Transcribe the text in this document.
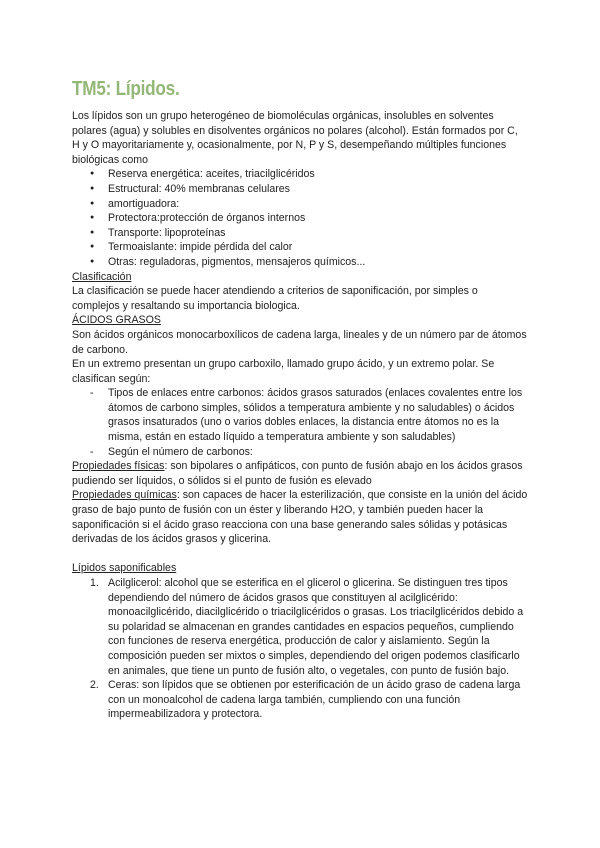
TM5: Lípidos.

Los lípidos son un grupo heterogéneo de biomoléculas orgánicas, insolubles en solventes polares (agua) y solubles en disolventes orgánicos no polares (alcohol). Están formados por C, H y O mayoritariamente y, ocasionalmente, por N, P y S, desempeñando múltiples funciones biológicas como

● Reserva energética: aceites, triacilglicéridos
● Estructural: 40% membranas celulares
● amortiguadora:
● Protectora:protección de órganos internos
● Transporte: lipoproteínas
● Termoaislante: impide pérdida del calor
● Otras: reguladoras, pigmentos, mensajeros químicos...

Clasificación

La clasificación se puede hacer atendiendo a criterios de saponificación, por simples o complejos y resaltando su importancia biologica.

ÁCIDOS GRASOS

Son ácidos orgánicos monocarboxílicos de cadena larga, lineales y de un número par de átomos de carbono.

En un extremo presentan un grupo carboxilo, llamado grupo ácido, y un extremo polar. Se clasifican según:

- Tipos de enlaces entre carbonos: ácidos grasos saturados (enlaces covalentes entre los átomos de carbono simples, sólidos a temperatura ambiente y no saludables) o ácidos grasos insaturados (uno o varios dobles enlaces, la distancia entre átomos no es la misma, están en estado líquido a temperatura ambiente y son saludables)
- Según el número de carbonos:

Propiedades físicas: son bipolares o anfipáticos, con punto de fusión abajo en los ácidos grasos pudiendo ser líquidos, o sólidos si el punto de fusión es elevado

Propiedades químicas: son capaces de hacer la esterilización, que consiste en la unión del ácido graso de bajo punto de fusión con un éster y liberando H2O, y también pueden hacer la saponificación si el ácido graso reacciona con una base generando sales sólidas y potásicas derivadas de los ácidos grasos y glicerina.

Lípidos saponificables

1. Acilglicerol: alcohol que se esterifica en el glicerol o glicerina. Se distinguen tres tipos dependiendo del número de ácidos grasos que constituyen al acilglicérido: monoacilglicérido, diacilglicérido o triacilglicéridos o grasas. Los triacilglicéridos debido a su polaridad se almacenan en grandes cantidades en espacios pequeños, cumpliendo con funciones de reserva energética, producción de calor y aislamiento. Según la composición pueden ser mixtos o simples, dependiendo del origen podemos clasificarlo en animales, que tiene un punto de fusión alto, o vegetales, con punto de fusión bajo.
2. Ceras: son lípidos que se obtienen por esterificación de un ácido graso de cadena larga con un monoalcohol de cadena larga también, cumpliendo con una función impermeabilizadora y protectora.
